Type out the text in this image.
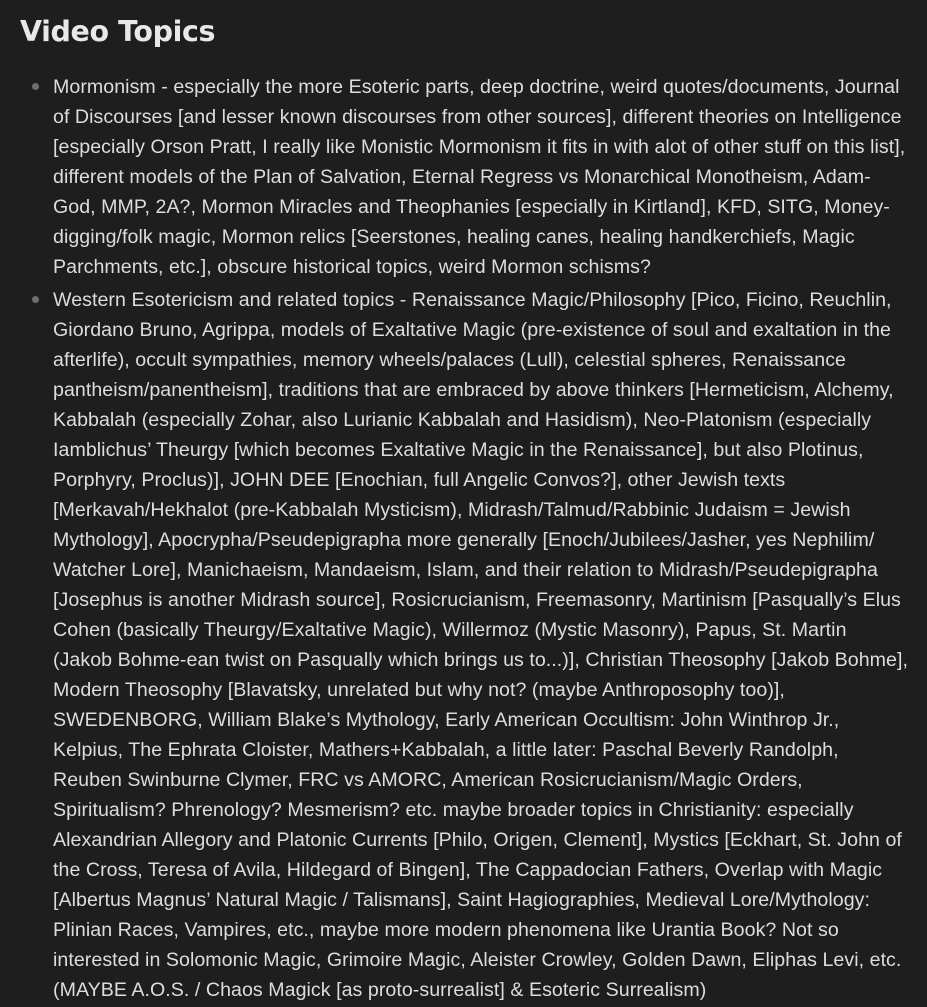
Video Topics
Mormonism - especially the more Esoteric parts, deep doctrine, weird quotes/documents, Journal of Discourses [and lesser known discourses from other sources], different theories on Intelligence [especially Orson Pratt, I really like Monistic Mormonism it fits in with alot of other stuff on this list], different models of the Plan of Salvation, Eternal Regress vs Monarchical Monotheism, Adam-God, MMP, 2A?, Mormon Miracles and Theophanies [especially in Kirtland], KFD, SITG, Money-digging/folk magic, Mormon relics [Seerstones, healing canes, healing handkerchiefs, Magic Parchments, etc.], obscure historical topics, weird Mormon schisms?
Western Esotericism and related topics - Renaissance Magic/Philosophy [Pico, Ficino, Reuchlin, Giordano Bruno, Agrippa, models of Exaltative Magic (pre-existence of soul and exaltation in the afterlife), occult sympathies, memory wheels/palaces (Lull), celestial spheres, Renaissance pantheism/panentheism], traditions that are embraced by above thinkers [Hermeticism, Alchemy, Kabbalah (especially Zohar, also Lurianic Kabbalah and Hasidism), Neo-Platonism (especially Iamblichus’ Theurgy [which becomes Exaltative Magic in the Renaissance], but also Plotinus, Porphyry, Proclus)], JOHN DEE [Enochian, full Angelic Convos?], other Jewish texts [Merkavah/Hekhalot (pre-Kabbalah Mysticism), Midrash/Talmud/Rabbinic Judaism = Jewish Mythology], Apocrypha/Pseudepigrapha more generally [Enoch/Jubilees/Jasher, yes Nephilim/ Watcher Lore], Manichaeism, Mandaeism, Islam, and their relation to Midrash/Pseudepigrapha [Josephus is another Midrash source], Rosicrucianism, Freemasonry, Martinism [Pasqually’s Elus Cohen (basically Theurgy/Exaltative Magic), Willermoz (Mystic Masonry), Papus, St. Martin (Jakob Bohme-ean twist on Pasqually which brings us to...)], Christian Theosophy [Jakob Bohme], Modern Theosophy [Blavatsky, unrelated but why not? (maybe Anthroposophy too)], SWEDENBORG, William Blake’s Mythology, Early American Occultism: John Winthrop Jr., Kelpius, The Ephrata Cloister, Mathers+Kabbalah, a little later: Paschal Beverly Randolph, Reuben Swinburne Clymer, FRC vs AMORC, American Rosicrucianism/Magic Orders, Spiritualism? Phrenology? Mesmerism? etc. maybe broader topics in Christianity: especially Alexandrian Allegory and Platonic Currents [Philo, Origen, Clement], Mystics [Eckhart, St. John of the Cross, Teresa of Avila, Hildegard of Bingen], The Cappadocian Fathers, Overlap with Magic [Albertus Magnus’ Natural Magic / Talismans], Saint Hagiographies, Medieval Lore/Mythology: Plinian Races, Vampires, etc., maybe more modern phenomena like Urantia Book? Not so interested in Solomonic Magic, Grimoire Magic, Aleister Crowley, Golden Dawn, Eliphas Levi, etc. (MAYBE A.O.S. / Chaos Magick [as proto-surrealist] & Esoteric Surrealism)
